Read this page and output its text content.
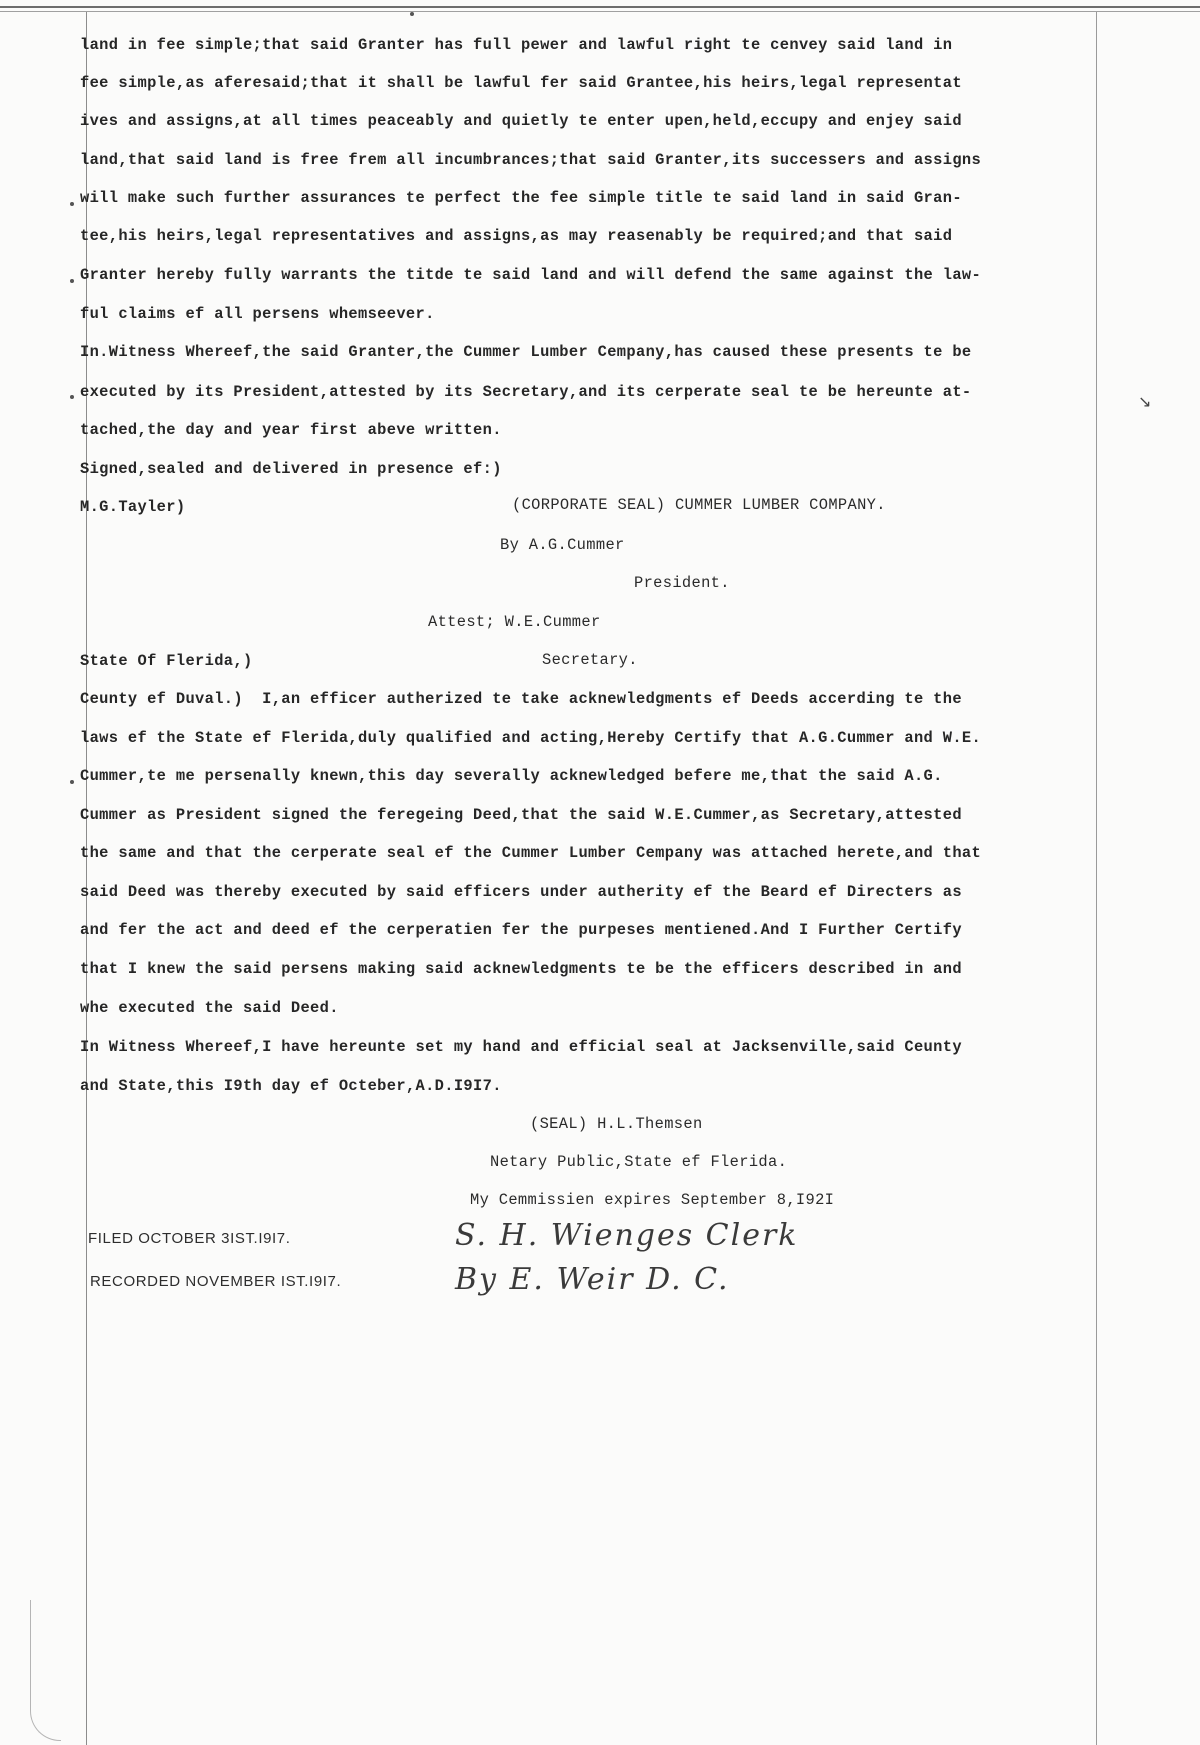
land in fee simple;that said Granter has full pewer and lawful right te cenvey said land in
fee simple,as aferesaid;that it shall be lawful fer said Grantee,his heirs,legal representat
ives and assigns,at all times peaceably and quietly te enter upen,held,eccupy and enjey said
land,that said land is free frem all incumbrances;that said Granter,its successers and assigns
will make such further assurances te perfect the fee simple title te said land in said Gran-
tee,his heirs,legal representatives and assigns,as may reasenably be required;and that said
Granter hereby fully warrants the titde te said land and will defend the same against the law-
ful claims ef all persens whemseever.
In.Witness Whereef,the said Granter,the Cummer Lumber Cempany,has caused these presents te be
executed by its President,attested by its Secretary,and its cerperate seal te be hereunte at-
tached,the day and year first abeve written.
Signed,sealed and delivered in presence ef:)
M.G.Tayler)	(CORPORATE SEAL) CUMMER LUMBER COMPANY.
By A.G.Cummer
President.
Attest; W.E.Cummer
State Of Flerida,)	Secretary.
Ceunty ef Duval.)  I,an efficer autherized te take acknewledgments ef Deeds accerding te the
laws ef the State ef Flerida,duly qualified and acting,Hereby Certify that A.G.Cummer and W.E.
Cummer,te me persenally knewn,this day severally acknewledged befere me,that the said A.G.
Cummer as President signed the feregeing Deed,that the said W.E.Cummer,as Secretary,attested
the same and that the cerperate seal ef the Cummer Lumber Cempany was attached herete,and that
said Deed was thereby executed by said efficers under autherity ef the Beard ef Directers as
and fer the act and deed ef the cerperatien fer the purpeses mentiened.And I Further Certify
that I knew the said persens making said acknewledgments te be the efficers described in and
whe executed the said Deed.
In Witness Whereef,I have hereunte set my hand and efficial seal at Jacksenville,said Ceunty
and State,this I9th day ef Octeber,A.D.I9I7.
(SEAL) H.L.Themsen
Netary Public,State ef Flerida.
My Cemmissien expires September 8,I92I
FILED OCTOBER 3IST.I9I7.
RECORDED NOVEMBER IST.I9I7.
S. H. Wienges Clerk
By E. Weir D. C.
↘
